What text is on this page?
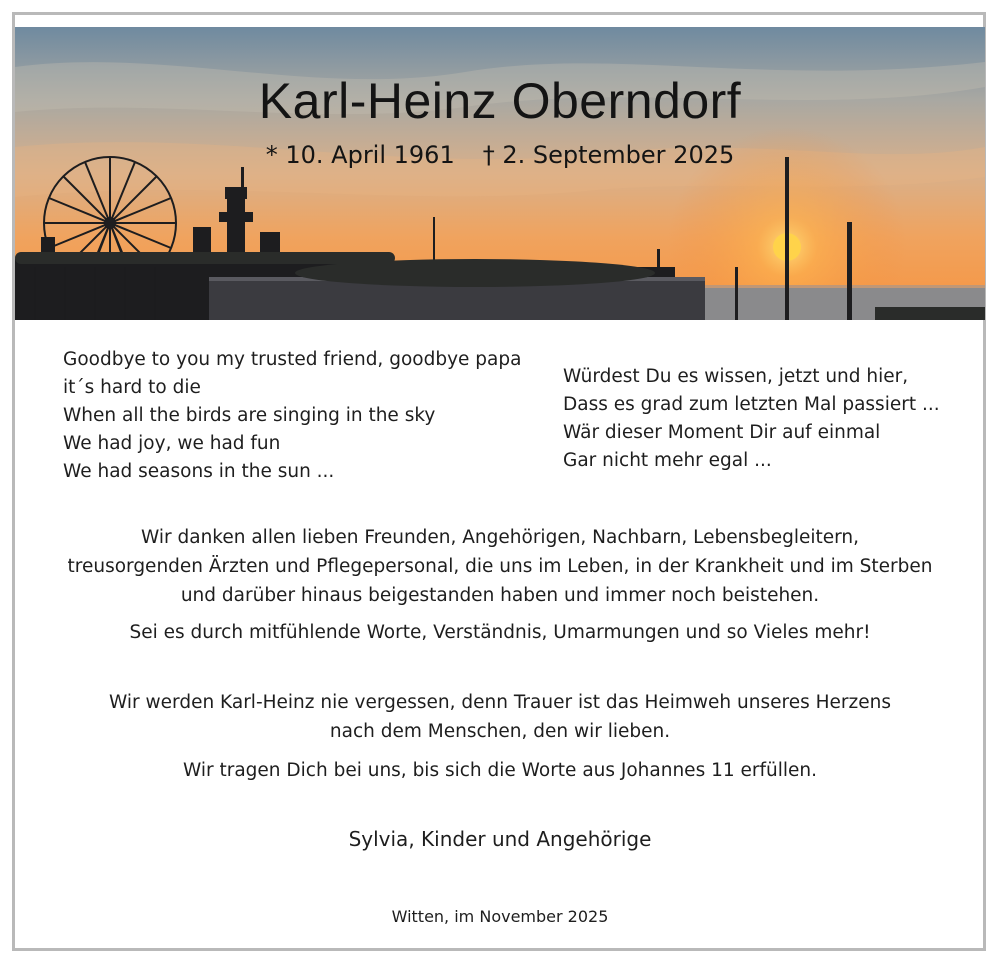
Karl-Heinz Oberndorf
* 10. April 1961 † 2. September 2025
Goodbye to you my trusted friend, goodbye papa
it´s hard to die
When all the birds are singing in the sky
We had joy, we had fun
We had seasons in the sun ...
Würdest Du es wissen, jetzt und hier,
Dass es grad zum letzten Mal passiert ...
Wär dieser Moment Dir auf einmal
Gar nicht mehr egal ...
Wir danken allen lieben Freunden, Angehörigen, Nachbarn, Lebensbegleitern,
treusorgenden Ärzten und Pflegepersonal, die uns im Leben, in der Krankheit und im Sterben
und darüber hinaus beigestanden haben und immer noch beistehen.
Sei es durch mitfühlende Worte, Verständnis, Umarmungen und so Vieles mehr!
Wir werden Karl-Heinz nie vergessen, denn Trauer ist das Heimweh unseres Herzens
nach dem Menschen, den wir lieben.
Wir tragen Dich bei uns, bis sich die Worte aus Johannes 11 erfüllen.
Sylvia, Kinder und Angehörige
Witten, im November 2025
